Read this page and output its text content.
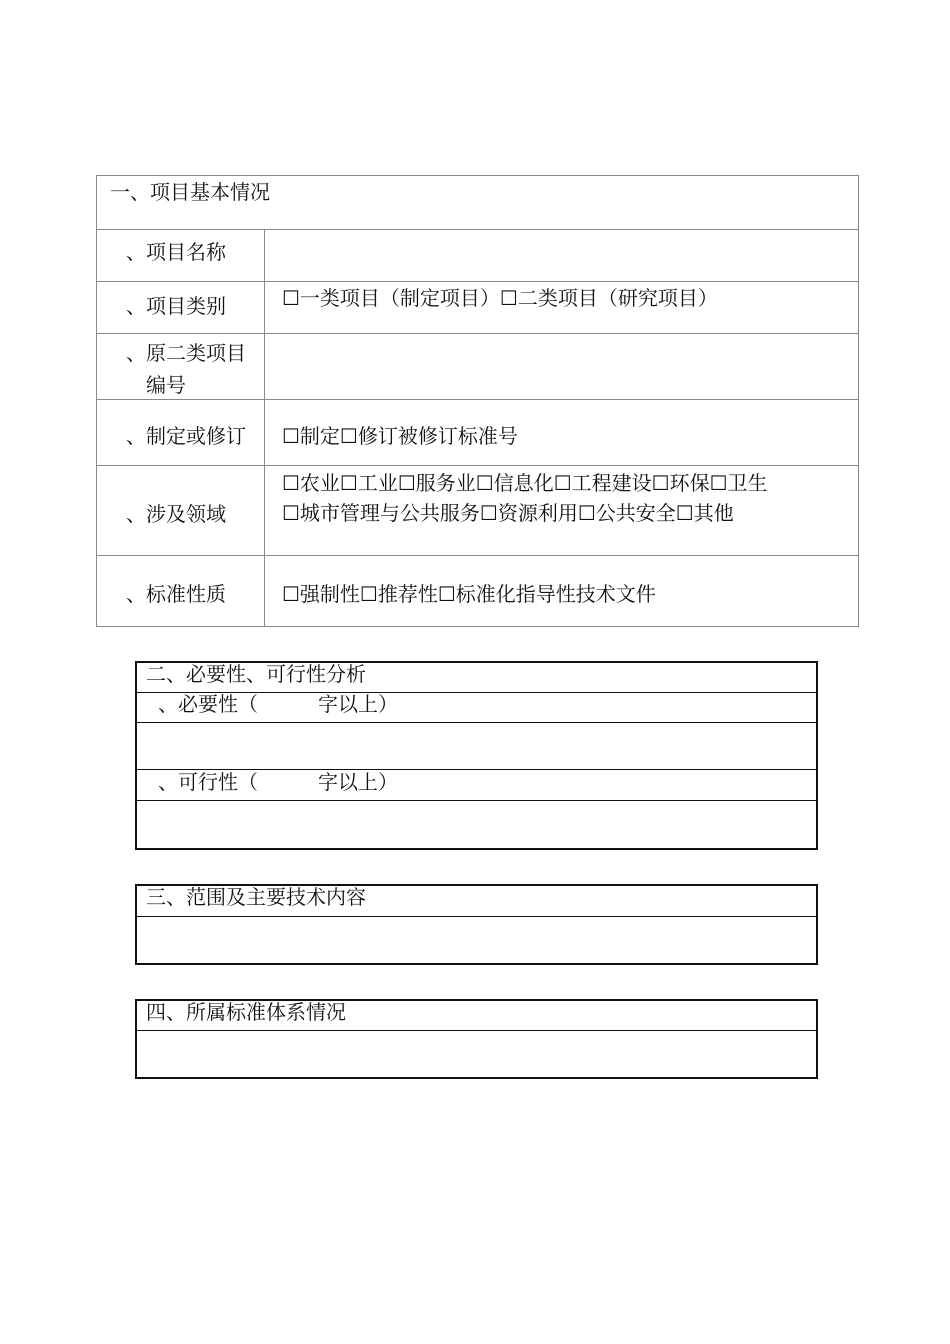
一、项目基本情况
、项目名称
、项目类别	☐一类项目（制定项目）☐二类项目（研究项目）
、原二类项目
编号
、制定或修订 ☐制定☐修订被修订标准号
、涉及领域
☐农业☐工业☐服务业☐信息化☐工程建设☐环保☐卫生
☐城市管理与公共服务☐资源利用☐公共安全☐其他
、标准性质	☐强制性☐推荐性☐标准化指导性技术文件
二、必要性、可行性分析
、必要性（　　　字以上）
、可行性（　　　字以上）
三、范围及主要技术内容
四、所属标准体系情况
